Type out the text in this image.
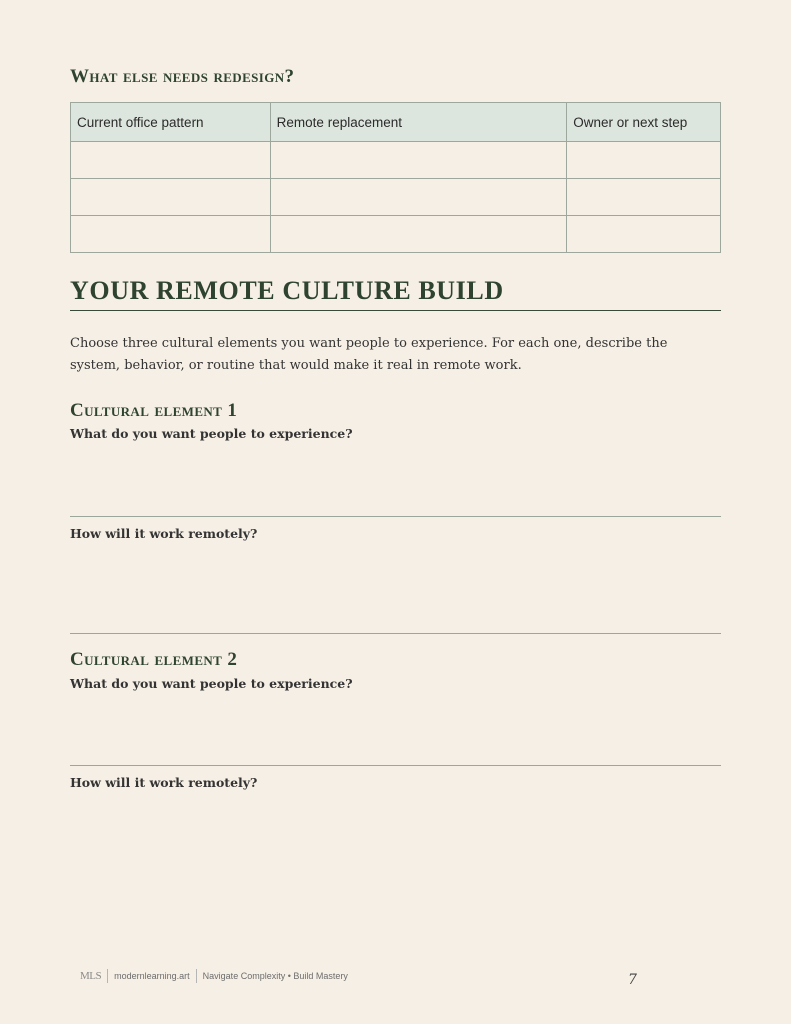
What else needs redesign?
Current office pattern	Remote replacement	Owner or next step

YOUR REMOTE CULTURE BUILD

Choose three cultural elements you want people to experience. For each one, describe the system, behavior, or routine that would make it real in remote work.

Cultural element 1

What do you want people to experience?

How will it work remotely?

Cultural element 2

What do you want people to experience?

How will it work remotely?

MLS modernlearning.art Navigate Complexity • Build Mastery	7
